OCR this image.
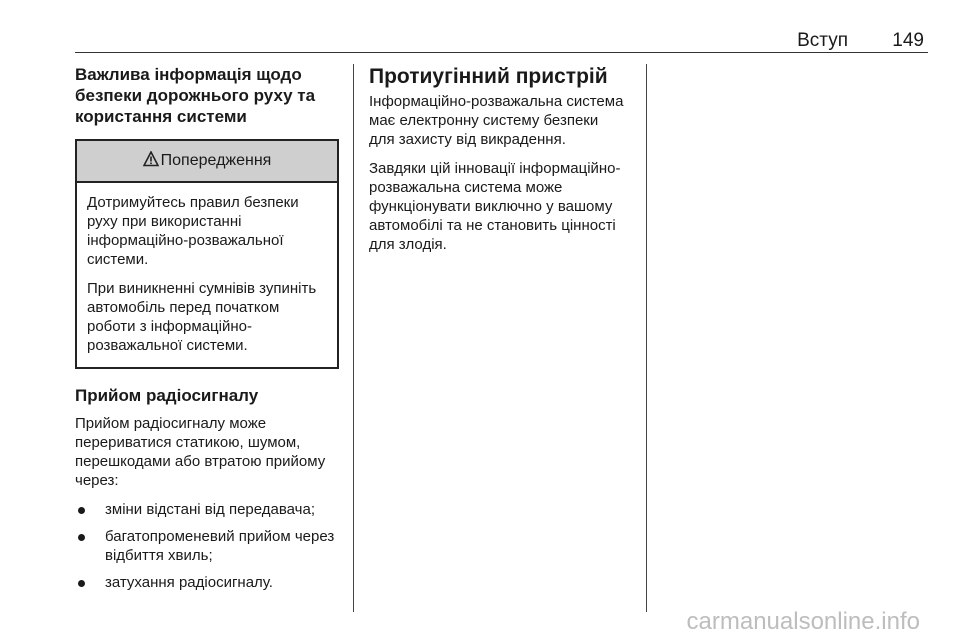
Вступ 149
Важлива інформація щодо безпеки дорожнього руху та користання системи
Попередження

Дотримуйтесь правил безпеки руху при використанні інформаційно-розважальної системи.

При виникненні сумнівів зупиніть автомобіль перед початком роботи з інформаційно-розважальної системи.

Прийом радіосигналу

Прийом радіосигналу може перериватися статикою, шумом, перешкодами або втратою прийому через:

зміни відстані від передавача;
багатопроменевий прийом через відбиття хвиль;
затухання радіосигналу.
Протиугінний пристрій

Інформаційно-розважальна система має електронну систему безпеки для захисту від викрадення.

Завдяки цій інновації інформаційно-розважальна система може функціонувати виключно у вашому автомобілі та не становить цінності для злодія.

carmanualsonline.info
